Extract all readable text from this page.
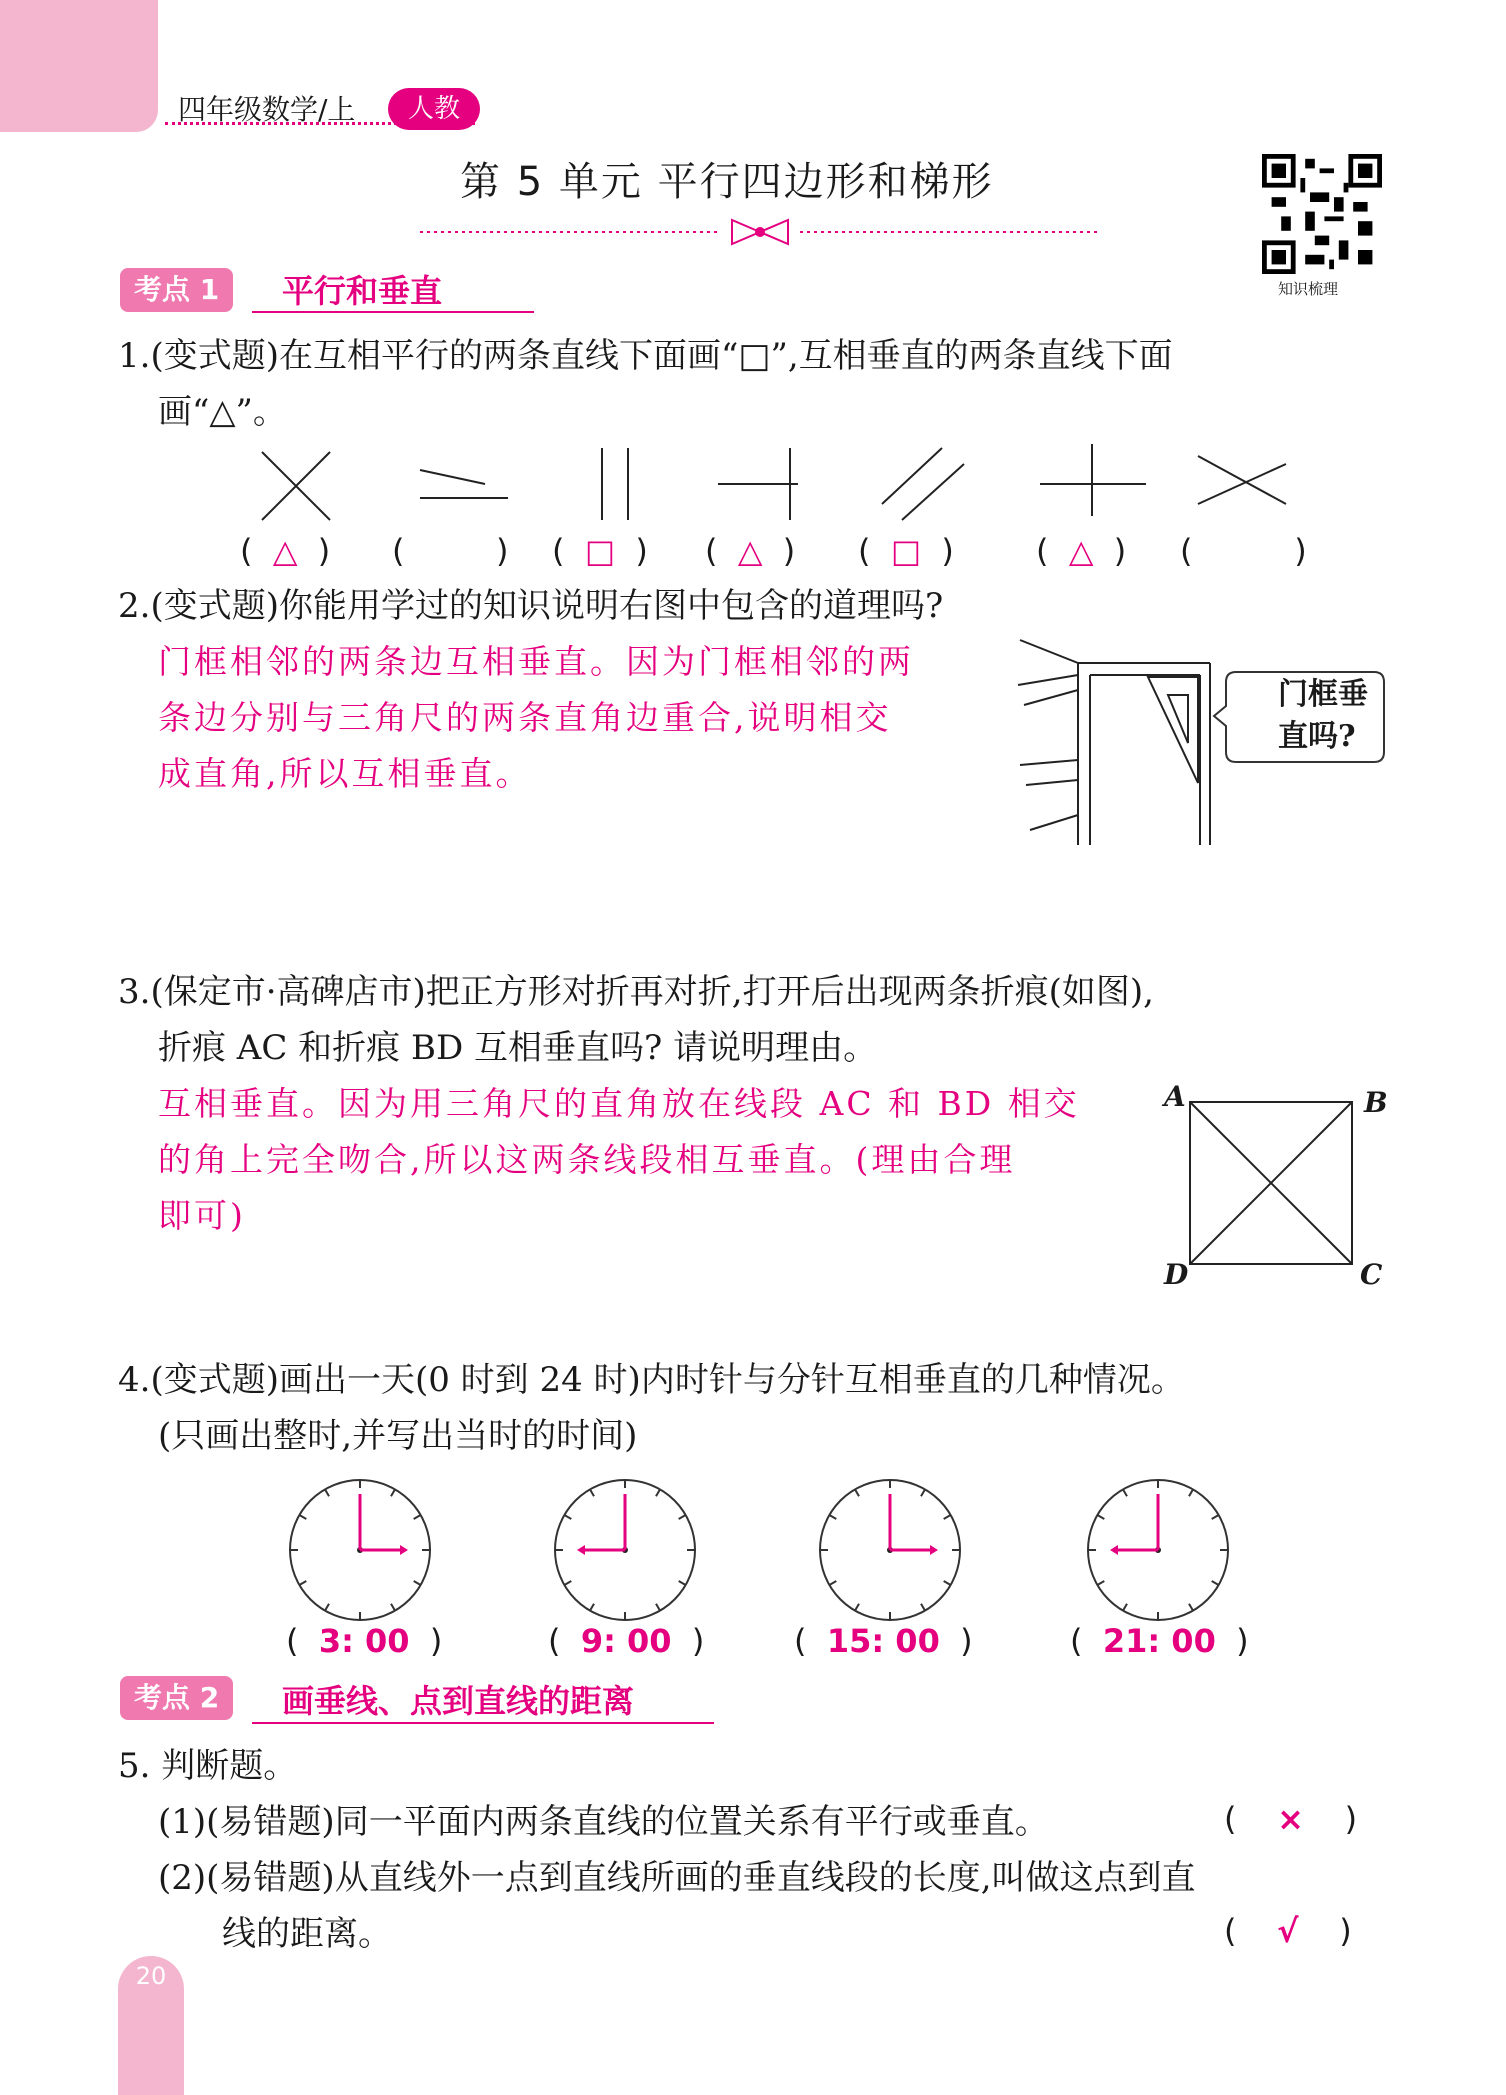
四年级数学/上	人教
第 5 单元 平行四边形和梯形
知识梳理
考点 1	平行和垂直
1.(变式题)在互相平行的两条直线下面画“□”,互相垂直的两条直线下面
画“△”。
(  △  ) (         ) (  □  ) (  △  ) (  □  )	(  △  ) (          )
2.(变式题)你能用学过的知识说明右图中包含的道理吗?
门框相邻的两条边互相垂直。因为门框相邻的两
条边分别与三角尺的两条直角边重合,说明相交
成直角,所以互相垂直。
门框垂
直吗?
3.(保定市·高碑店市)把正方形对折再对折,打开后出现两条折痕(如图),
折痕 AC 和折痕 BD 互相垂直吗? 请说明理由。
互相垂直。因为用三角尺的直角放在线段 AC 和 BD 相交
的角上完全吻合,所以这两条线段相互垂直。(理由合理
即可)
A	B
C
D
4.(变式题)画出一天(0 时到 24 时)内时针与分针互相垂直的几种情况。
(只画出整时,并写出当时的时间)
(  3: 00  )	(  9: 00  )	(  15: 00  )	(  21: 00  )
考点 2	画垂线、点到直线的距离
5. 判断题。
(1)(易错题)同一平面内两条直线的位置关系有平行或垂直。	(    ×    )
(2)(易错题)从直线外一点到直线所画的垂直线段的长度,叫做这点到直
线的距离。	(    √    )
20
